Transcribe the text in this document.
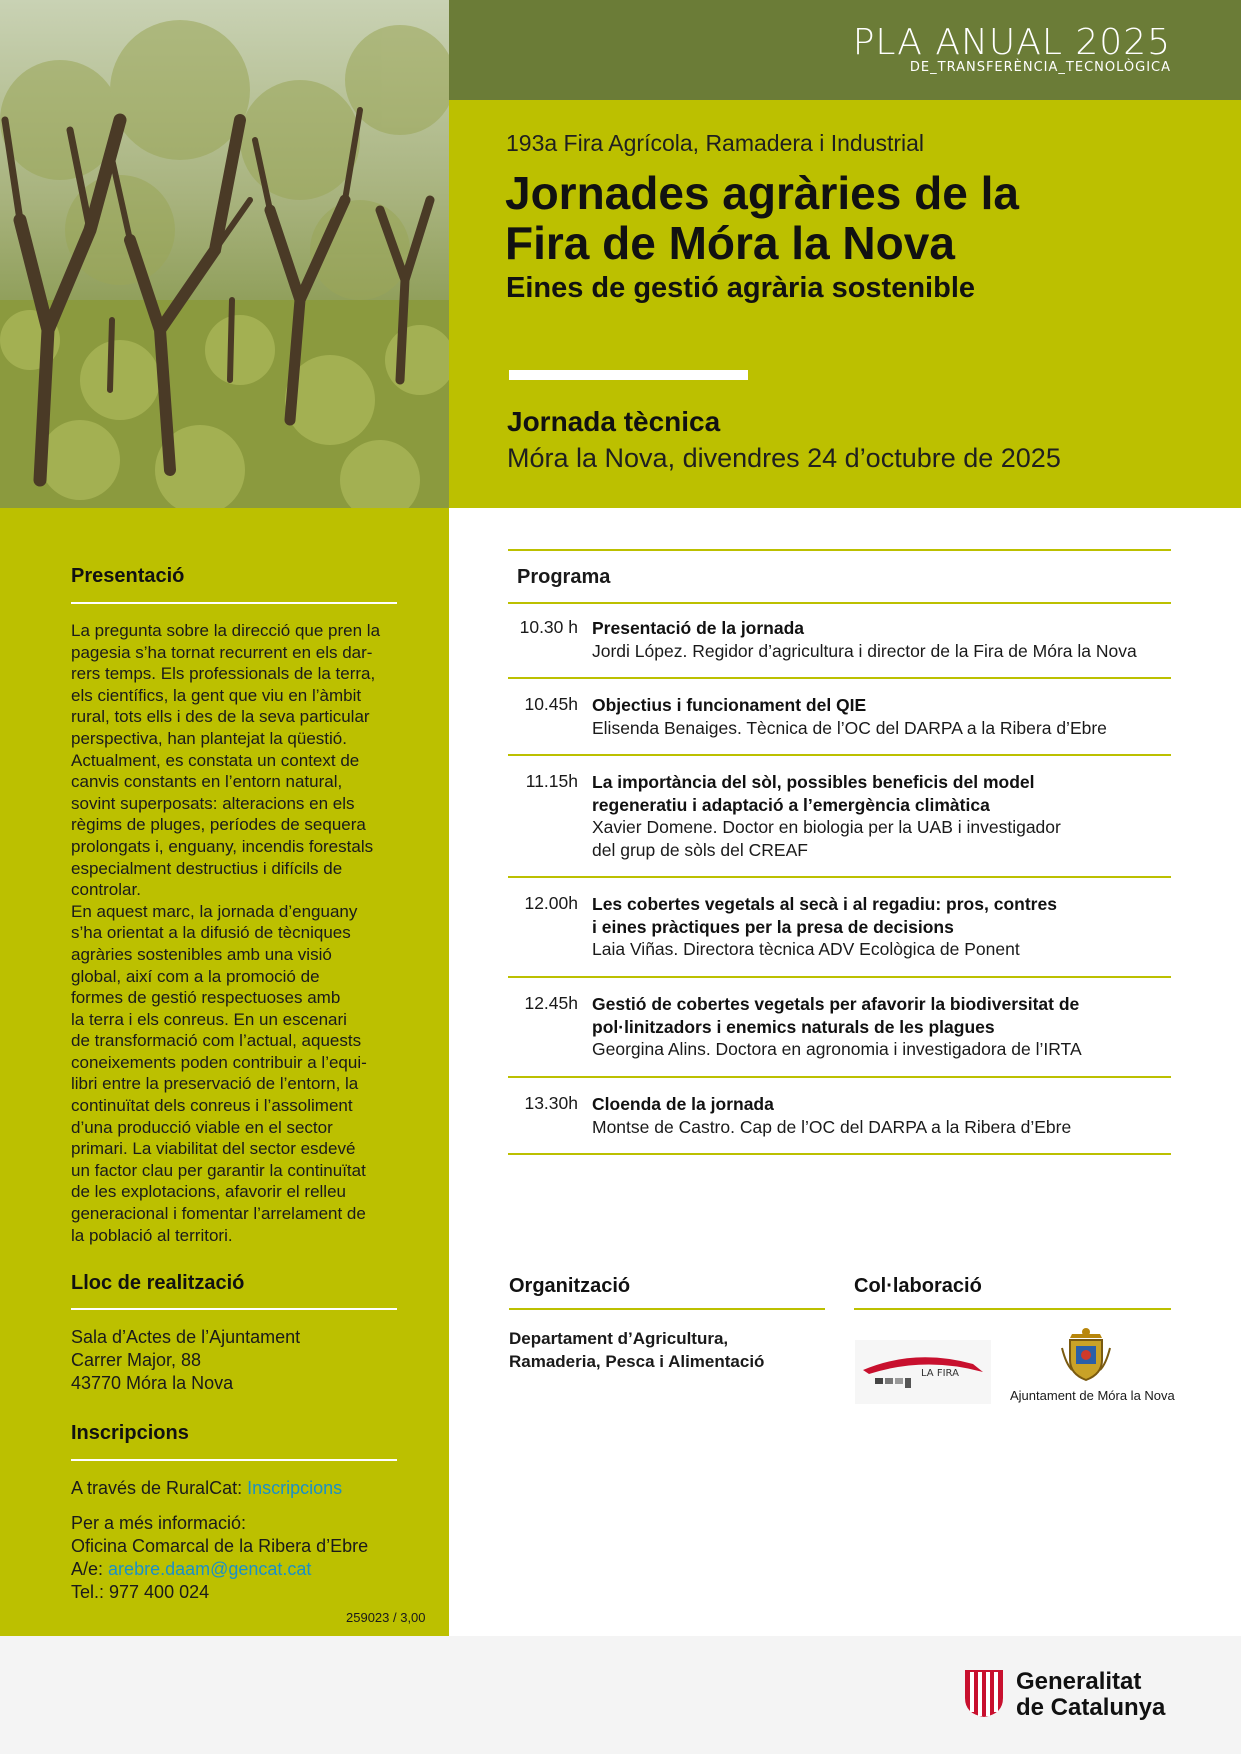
PLA ANUAL 2025
DE_TRANSFERÈNCIA_TECNOLÒGICA
193a Fira Agrícola, Ramadera i Industrial
Jornades agràries de la
Fira de Móra la Nova
Eines de gestió agrària sostenible
Jornada tècnica
Móra la Nova, divendres 24 d’octubre de 2025
Presentació
La pregunta sobre la direcció que pren la
pagesia s’ha tornat recurrent en els dar-
rers temps. Els professionals de la terra,
els científics, la gent que viu en l’àmbit
rural, tots ells i des de la seva particular
perspectiva, han plantejat la qüestió.
Actualment, es constata un context de
canvis constants en l’entorn natural,
sovint superposats: alteracions en els
règims de pluges, períodes de sequera
prolongats i, enguany, incendis forestals
especialment destructius i difícils de
controlar.
En aquest marc, la jornada d’enguany
s’ha orientat a la difusió de tècniques
agràries sostenibles amb una visió
global, així com a la promoció de
formes de gestió respectuoses amb
la terra i els conreus. En un escenari
de transformació com l’actual, aquests
coneixements poden contribuir a l’equi-
libri entre la preservació de l’entorn, la
continuïtat dels conreus i l’assoliment
d’una producció viable en el sector
primari. La viabilitat del sector esdevé
un factor clau per garantir la continuïtat
de les explotacions, afavorir el relleu
generacional i fomentar l’arrelament de
la població al territori.
Lloc de realització
Sala d’Actes de l’Ajuntament
Carrer Major, 88
43770 Móra la Nova
Inscripcions
A través de RuralCat: Inscripcions
Per a més informació:
Oficina Comarcal de la Ribera d’Ebre
A/e: arebre.daam@gencat.cat
Tel.: 977 400 024
259023 / 3,00
Programa
10.30 h Presentació de la jornada
Jordi López. Regidor d’agricultura i director de la Fira de Móra la Nova
10.45h Objectius i funcionament del QIE
Elisenda Benaiges. Tècnica de l’OC del DARPA a la Ribera d’Ebre
11.15h La importància del sòl, possibles beneficis del model
regeneratiu i adaptació a l’emergència climàtica
Xavier Domene. Doctor en biologia per la UAB i investigador
del grup de sòls del CREAF
12.00h Les cobertes vegetals al secà i al regadiu: pros, contres
i eines pràctiques per la presa de decisions
Laia Viñas. Directora tècnica ADV Ecològica de Ponent
12.45h Gestió de cobertes vegetals per afavorir la biodiversitat de
pol·linitzadors i enemics naturals de les plagues
Georgina Alins. Doctora en agronomia i investigadora de l’IRTA
13.30h Cloenda de la jornada
Montse de Castro. Cap de l’OC del DARPA a la Ribera d’Ebre
Organització
Departament d’Agricultura,
Ramaderia, Pesca i Alimentació
Col·laboració
LA FIRA
Ajuntament de Móra la Nova
Generalitat
de Catalunya
